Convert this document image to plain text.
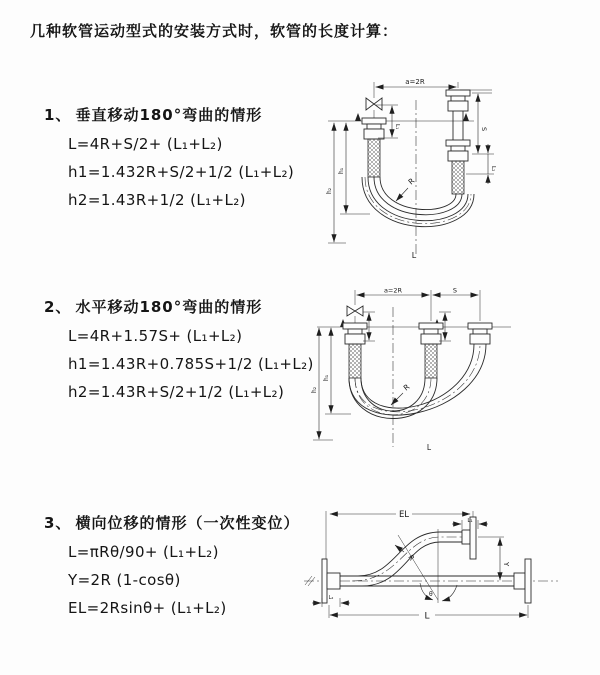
几种软管运动型式的安装方式时，软管的长度计算：
1、 垂直移动180°弯曲的情形
L=4R+S/2+ (L₁+L₂)
h1=1.432R+S/2+1/2 (L₁+L₂)
h2=1.43R+1/2 (L₁+L₂)
2、 水平移动180°弯曲的情形
L=4R+1.57S+ (L₁+L₂)
h1=1.43R+0.785S+1/2 (L₁+L₂)
h2=1.43R+S/2+1/2 (L₁+L₂)
3、 横向位移的情形（一次性变位）
L=πRθ/90+ (L₁+L₂)
Y=2R (1-cosθ)
EL=2Rsinθ+ (L₁+L₂)
a=2R
R
L
h₂
h₁
L₁	S
L₂
a=2R	S
h₂
h₁
R
L
θ
R
EL
L₁
Y
L
L₂
